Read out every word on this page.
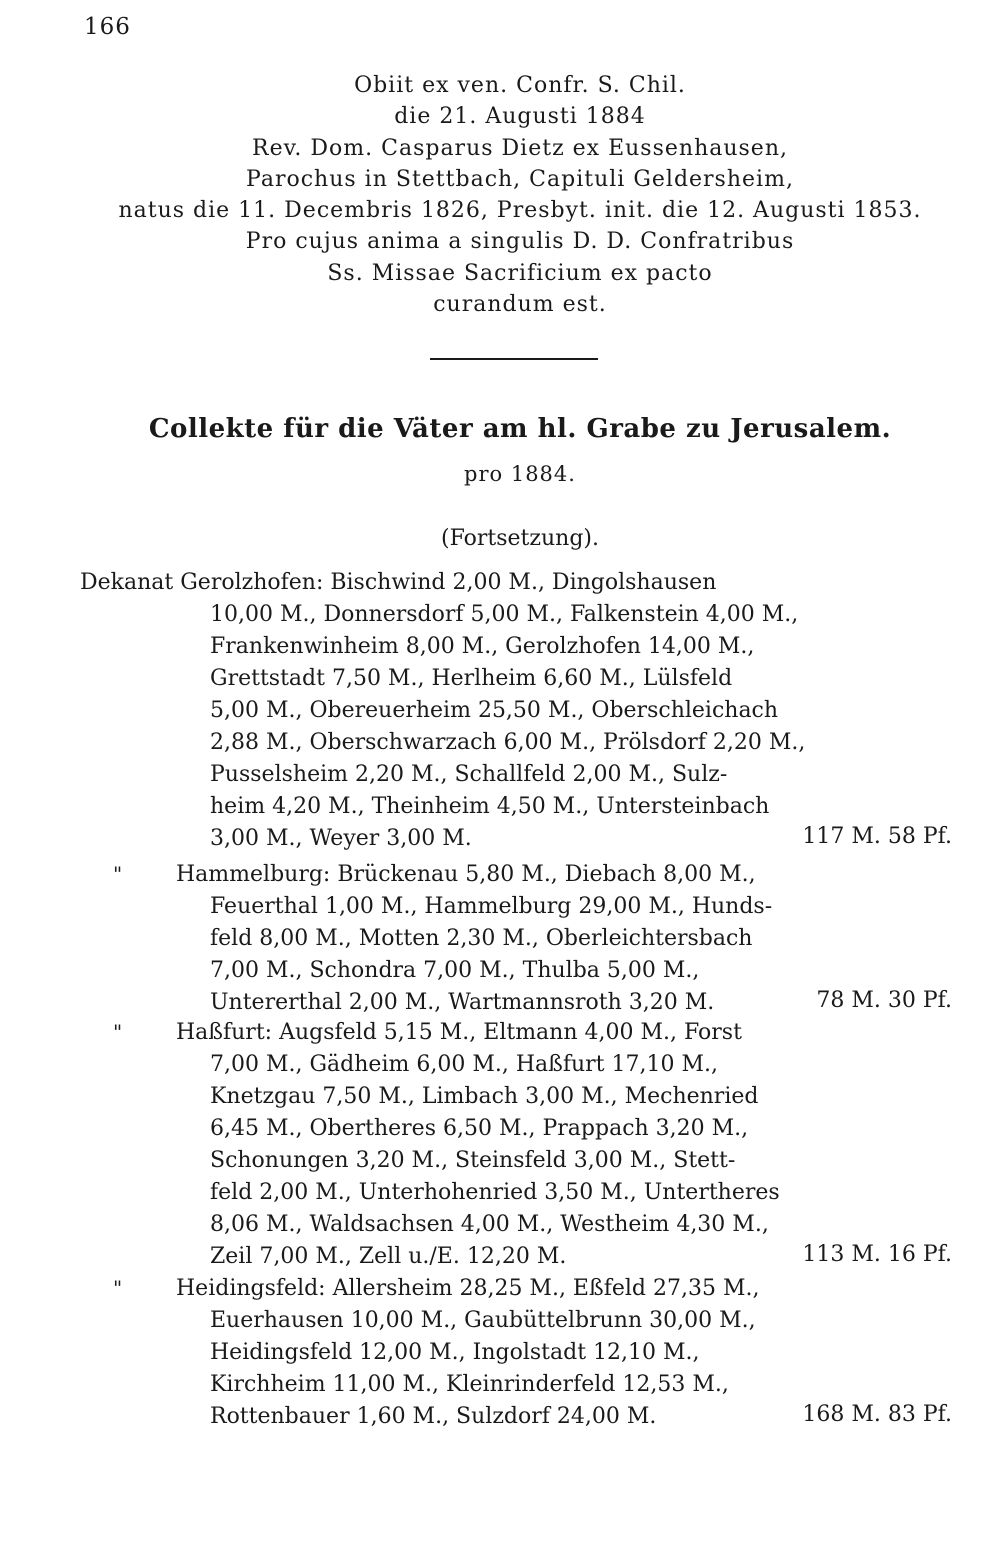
166
Obiit ex ven. Confr. S. Chil.
die 21. Augusti 1884
Rev. Dom. Casparus Dietz ex Eussenhausen,
Parochus in Stettbach, Capituli Geldersheim,
natus die 11. Decembris 1826, Presbyt. init. die 12. Augusti 1853.
Pro cujus anima a singulis D. D. Confratribus
Ss. Missae Sacrificium ex pacto
curandum est.
Collekte für die Väter am hl. Grabe zu Jerusalem.
pro 1884.
(Fortsetzung).
Dekanat Gerolzhofen: Bischwind 2,00 M., Dingolshausen
10,00 M., Donnersdorf 5,00 M., Falkenstein 4,00 M.,
Frankenwinheim 8,00 M., Gerolzhofen 14,00 M.,
Grettstadt 7,50 M., Herlheim 6,60 M., Lülsfeld
5,00 M., Obereuerheim 25,50 M., Oberschleichach
2,88 M., Oberschwarzach 6,00 M., Prölsdorf 2,20 M.,
Pusselsheim 2,20 M., Schallfeld 2,00 M., Sulz-
heim 4,20 M., Theinheim 4,50 M., Untersteinbach
3,00 M., Weyer 3,00 M.	117 M. 58 Pf.
" Hammelburg: Brückenau 5,80 M., Diebach 8,00 M.,
Feuerthal 1,00 M., Hammelburg 29,00 M., Hunds-
feld 8,00 M., Motten 2,30 M., Oberleichtersbach
7,00 M., Schondra 7,00 M., Thulba 5,00 M.,
Untererthal 2,00 M., Wartmannsroth 3,20 M.	78 M. 30 Pf.
" Haßfurt: Augsfeld 5,15 M., Eltmann 4,00 M., Forst
7,00 M., Gädheim 6,00 M., Haßfurt 17,10 M.,
Knetzgau 7,50 M., Limbach 3,00 M., Mechenried
6,45 M., Obertheres 6,50 M., Prappach 3,20 M.,
Schonungen 3,20 M., Steinsfeld 3,00 M., Stett-
feld 2,00 M., Unterhohenried 3,50 M., Untertheres
8,06 M., Waldsachsen 4,00 M., Westheim 4,30 M.,
Zeil 7,00 M., Zell u./E. 12,20 M.	113 M. 16 Pf.
" Heidingsfeld: Allersheim 28,25 M., Eßfeld 27,35 M.,
Euerhausen 10,00 M., Gaubüttelbrunn 30,00 M.,
Heidingsfeld 12,00 M., Ingolstadt 12,10 M.,
Kirchheim 11,00 M., Kleinrinderfeld 12,53 M.,
Rottenbauer 1,60 M., Sulzdorf 24,00 M.	168 M. 83 Pf.
